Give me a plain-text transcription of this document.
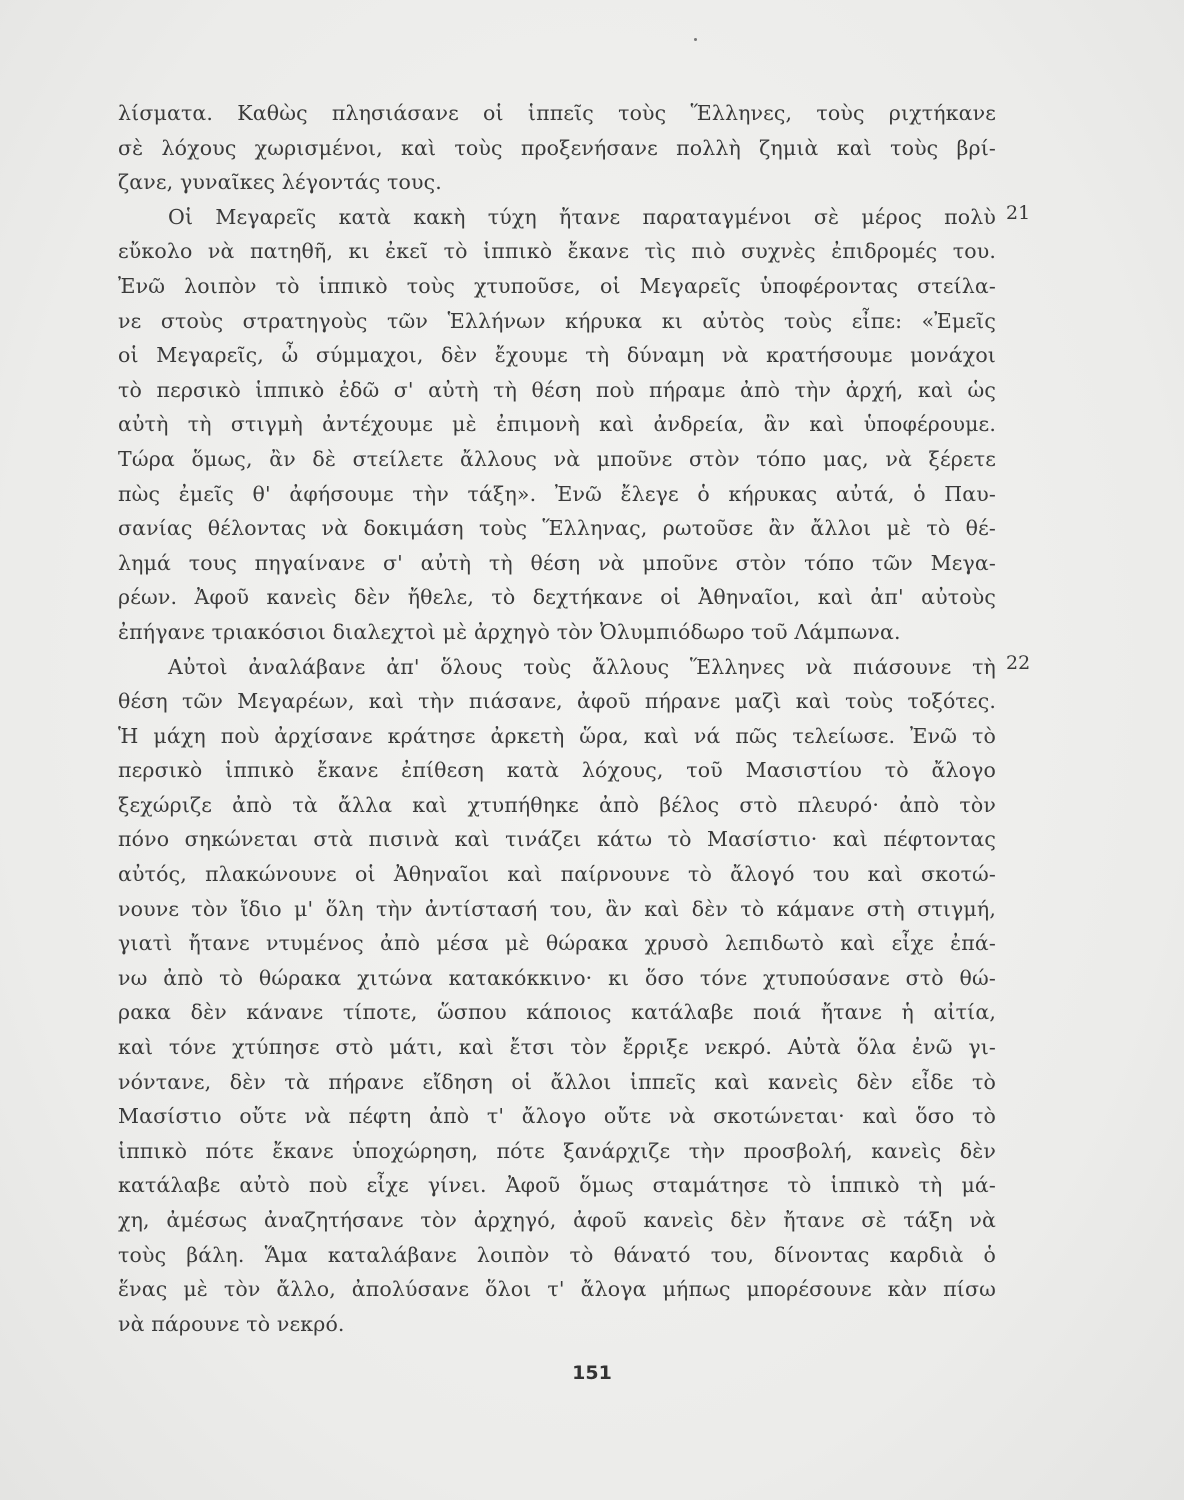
λίσματα. Καθὼς πλησιάσανε οἱ ἱππεῖς τοὺς Ἕλληνες, τοὺς ριχτήκανε
σὲ λόχους χωρισμένοι, καὶ τοὺς προξενήσανε πολλὴ ζημιὰ καὶ τοὺς βρί-
ζανε, γυναῖκες λέγοντάς τους.
Οἱ Μεγαρεῖς κατὰ κακὴ τύχη ἤτανε παραταγμένοι σὲ μέρος πολὺ
εὔκολο νὰ πατηθῆ, κι ἐκεῖ τὸ ἱππικὸ ἔκανε τὶς πιὸ συχνὲς ἐπιδρομές του.
Ἐνῶ λοιπὸν τὸ ἱππικὸ τοὺς χτυποῦσε, οἱ Μεγαρεῖς ὑποφέροντας στείλα-
νε στοὺς στρατηγοὺς τῶν Ἑλλήνων κήρυκα κι αὐτὸς τοὺς εἶπε: «Ἐμεῖς
οἱ Μεγαρεῖς, ὦ σύμμαχοι, δὲν ἔχουμε τὴ δύναμη νὰ κρατήσουμε μονάχοι
τὸ περσικὸ ἱππικὸ ἐδῶ σ' αὐτὴ τὴ θέση ποὺ πήραμε ἀπὸ τὴν ἀρχή, καὶ ὡς
αὐτὴ τὴ στιγμὴ ἀντέχουμε μὲ ἐπιμονὴ καὶ ἀνδρεία, ἂν καὶ ὑποφέρουμε.
Τώρα ὅμως, ἂν δὲ στείλετε ἄλλους νὰ μποῦνε στὸν τόπο μας, νὰ ξέρετε
πὼς ἐμεῖς θ' ἀφήσουμε τὴν τάξη». Ἐνῶ ἔλεγε ὁ κήρυκας αὐτά, ὁ Παυ-
σανίας θέλοντας νὰ δοκιμάση τοὺς Ἕλληνας, ρωτοῦσε ἂν ἄλλοι μὲ τὸ θέ-
λημά τους πηγαίνανε σ' αὐτὴ τὴ θέση νὰ μποῦνε στὸν τόπο τῶν Μεγα-
ρέων. Ἀφοῦ κανεὶς δὲν ἤθελε, τὸ δεχτήκανε οἱ Ἀθηναῖοι, καὶ ἀπ' αὐτοὺς
ἐπήγανε τριακόσιοι διαλεχτοὶ μὲ ἀρχηγὸ τὸν Ὀλυμπιόδωρο τοῦ Λάμπωνα.
Αὐτοὶ ἀναλάβανε ἀπ' ὅλους τοὺς ἄλλους Ἕλληνες νὰ πιάσουνε τὴ
θέση τῶν Μεγαρέων, καὶ τὴν πιάσανε, ἀφοῦ πήρανε μαζὶ καὶ τοὺς τοξότες.
Ἡ μάχη ποὺ ἀρχίσανε κράτησε ἀρκετὴ ὥρα, καὶ νά πῶς τελείωσε. Ἐνῶ τὸ
περσικὸ ἱππικὸ ἔκανε ἐπίθεση κατὰ λόχους, τοῦ Μασιστίου τὸ ἄλογο
ξεχώριζε ἀπὸ τὰ ἄλλα καὶ χτυπήθηκε ἀπὸ βέλος στὸ πλευρό· ἀπὸ τὸν
πόνο σηκώνεται στὰ πισινὰ καὶ τινάζει κάτω τὸ Μασίστιο· καὶ πέφτοντας
αὐτός, πλακώνουνε οἱ Ἀθηναῖοι καὶ παίρνουνε τὸ ἄλογό του καὶ σκοτώ-
νουνε τὸν ἴδιο μ' ὅλη τὴν ἀντίστασή του, ἂν καὶ δὲν τὸ κάμανε στὴ στιγμή,
γιατὶ ἤτανε ντυμένος ἀπὸ μέσα μὲ θώρακα χρυσὸ λεπιδωτὸ καὶ εἶχε ἐπά-
νω ἀπὸ τὸ θώρακα χιτώνα κατακόκκινο· κι ὅσο τόνε χτυπούσανε στὸ θώ-
ρακα δὲν κάνανε τίποτε, ὥσπου κάποιος κατάλαβε ποιά ἤτανε ἡ αἰτία,
καὶ τόνε χτύπησε στὸ μάτι, καὶ ἔτσι τὸν ἔρριξε νεκρό. Αὐτὰ ὅλα ἐνῶ γι-
νόντανε, δὲν τὰ πήρανε εἴδηση οἱ ἄλλοι ἱππεῖς καὶ κανεὶς δὲν εἶδε τὸ
Μασίστιο οὔτε νὰ πέφτη ἀπὸ τ' ἄλογο οὔτε νὰ σκοτώνεται· καὶ ὅσο τὸ
ἱππικὸ πότε ἔκανε ὑποχώρηση, πότε ξανάρχιζε τὴν προσβολή, κανεὶς δὲν
κατάλαβε αὐτὸ ποὺ εἶχε γίνει. Ἀφοῦ ὅμως σταμάτησε τὸ ἱππικὸ τὴ μά-
χη, ἀμέσως ἀναζητήσανε τὸν ἀρχηγό, ἀφοῦ κανεὶς δὲν ἤτανε σὲ τάξη νὰ
τοὺς βάλη. Ἅμα καταλάβανε λοιπὸν τὸ θάνατό του, δίνοντας καρδιὰ ὁ
ἕνας μὲ τὸν ἄλλο, ἀπολύσανε ὅλοι τ' ἄλογα μήπως μπορέσουνε κὰν πίσω
νὰ πάρουνε τὸ νεκρό.
21
22
151
